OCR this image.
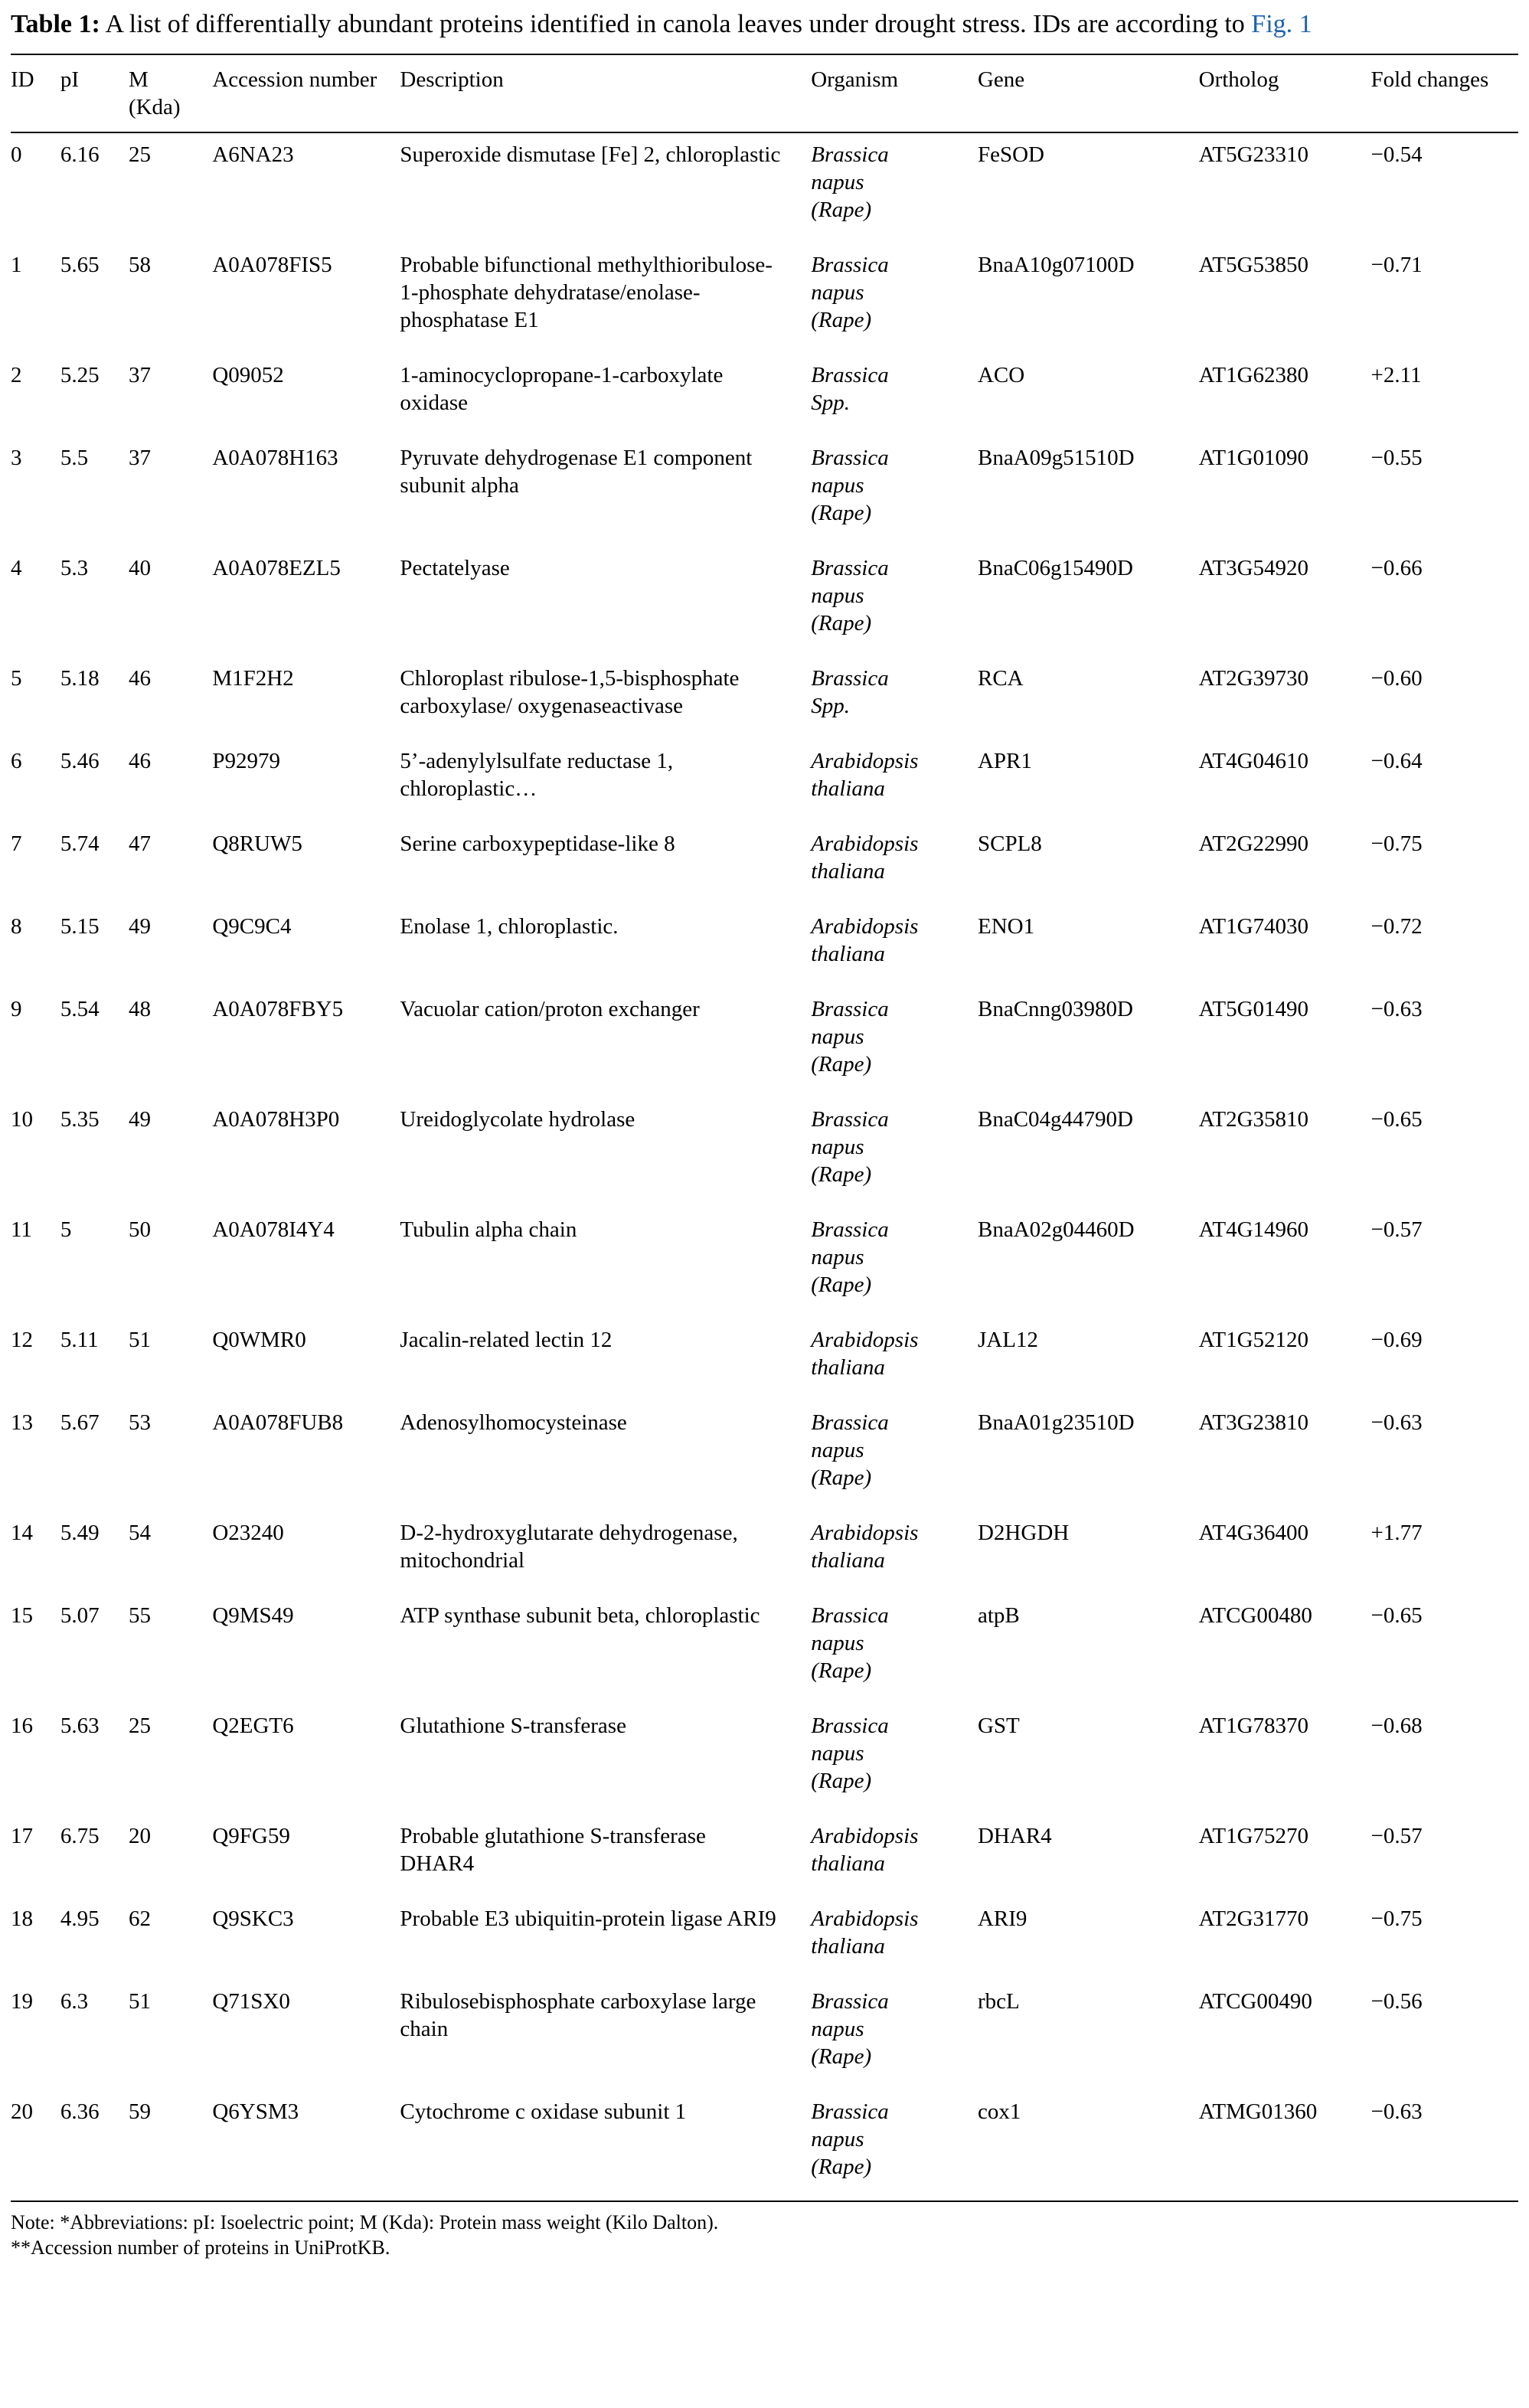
Table 1: A list of differentially abundant proteins identified in canola leaves under drought stress. IDs are according to Fig. 1

ID	pI	M (Kda)	Accession number	Description	Organism	Gene	Ortholog	Fold changes
0	6.16	25	A6NA23	Superoxide dismutase [Fe] 2, chloroplastic	Brassica napus (Rape)	FeSOD	AT5G23310	−0.54
1	5.65	58	A0A078FIS5	Probable bifunctional methylthioribulose-1-phosphate dehydratase/enolase-phosphatase E1	Brassica napus (Rape)	BnaA10g07100D	AT5G53850	−0.71
2	5.25	37	Q09052	1-aminocyclopropane-1-carboxylate oxidase	Brassica Spp.	ACO	AT1G62380	+2.11
3	5.5	37	A0A078H163	Pyruvate dehydrogenase E1 component subunit alpha	Brassica napus (Rape)	BnaA09g51510D	AT1G01090	−0.55
4	5.3	40	A0A078EZL5	Pectatelyase	Brassica napus (Rape)	BnaC06g15490D	AT3G54920	−0.66
5	5.18	46	M1F2H2	Chloroplast ribulose-1,5-bisphosphate carboxylase/ oxygenaseactivase	Brassica Spp.	RCA	AT2G39730	−0.60
6	5.46	46	P92979	5’-adenylylsulfate reductase 1, chloroplastic…	Arabidopsis thaliana	APR1	AT4G04610	−0.64
7	5.74	47	Q8RUW5	Serine carboxypeptidase-like 8	Arabidopsis thaliana	SCPL8	AT2G22990	−0.75
8	5.15	49	Q9C9C4	Enolase 1, chloroplastic.	Arabidopsis thaliana	ENO1	AT1G74030	−0.72
9	5.54	48	A0A078FBY5	Vacuolar cation/proton exchanger	Brassica napus (Rape)	BnaCnng03980D	AT5G01490	−0.63
10	5.35	49	A0A078H3P0	Ureidoglycolate hydrolase	Brassica napus (Rape)	BnaC04g44790D	AT2G35810	−0.65
11	5	50	A0A078I4Y4	Tubulin alpha chain	Brassica napus (Rape)	BnaA02g04460D	AT4G14960	−0.57
12	5.11	51	Q0WMR0	Jacalin-related lectin 12	Arabidopsis thaliana	JAL12	AT1G52120	−0.69
13	5.67	53	A0A078FUB8	Adenosylhomocysteinase	Brassica napus (Rape)	BnaA01g23510D	AT3G23810	−0.63
14	5.49	54	O23240	D-2-hydroxyglutarate dehydrogenase, mitochondrial	Arabidopsis thaliana	D2HGDH	AT4G36400	+1.77
15	5.07	55	Q9MS49	ATP synthase subunit beta, chloroplastic	Brassica napus (Rape)	atpB	ATCG00480	−0.65
16	5.63	25	Q2EGT6	Glutathione S-transferase	Brassica napus (Rape)	GST	AT1G78370	−0.68
17	6.75	20	Q9FG59	Probable glutathione S-transferase DHAR4	Arabidopsis thaliana	DHAR4	AT1G75270	−0.57
18	4.95	62	Q9SKC3	Probable E3 ubiquitin-protein ligase ARI9	Arabidopsis thaliana	ARI9	AT2G31770	−0.75
19	6.3	51	Q71SX0	Ribulosebisphosphate carboxylase large chain	Brassica napus (Rape)	rbcL	ATCG00490	−0.56
20	6.36	59	Q6YSM3	Cytochrome c oxidase subunit 1	Brassica napus (Rape)	cox1	ATMG01360	−0.63

Note: *Abbreviations: pI: Isoelectric point; M (Kda): Protein mass weight (Kilo Dalton).

**Accession number of proteins in UniProtKB.
